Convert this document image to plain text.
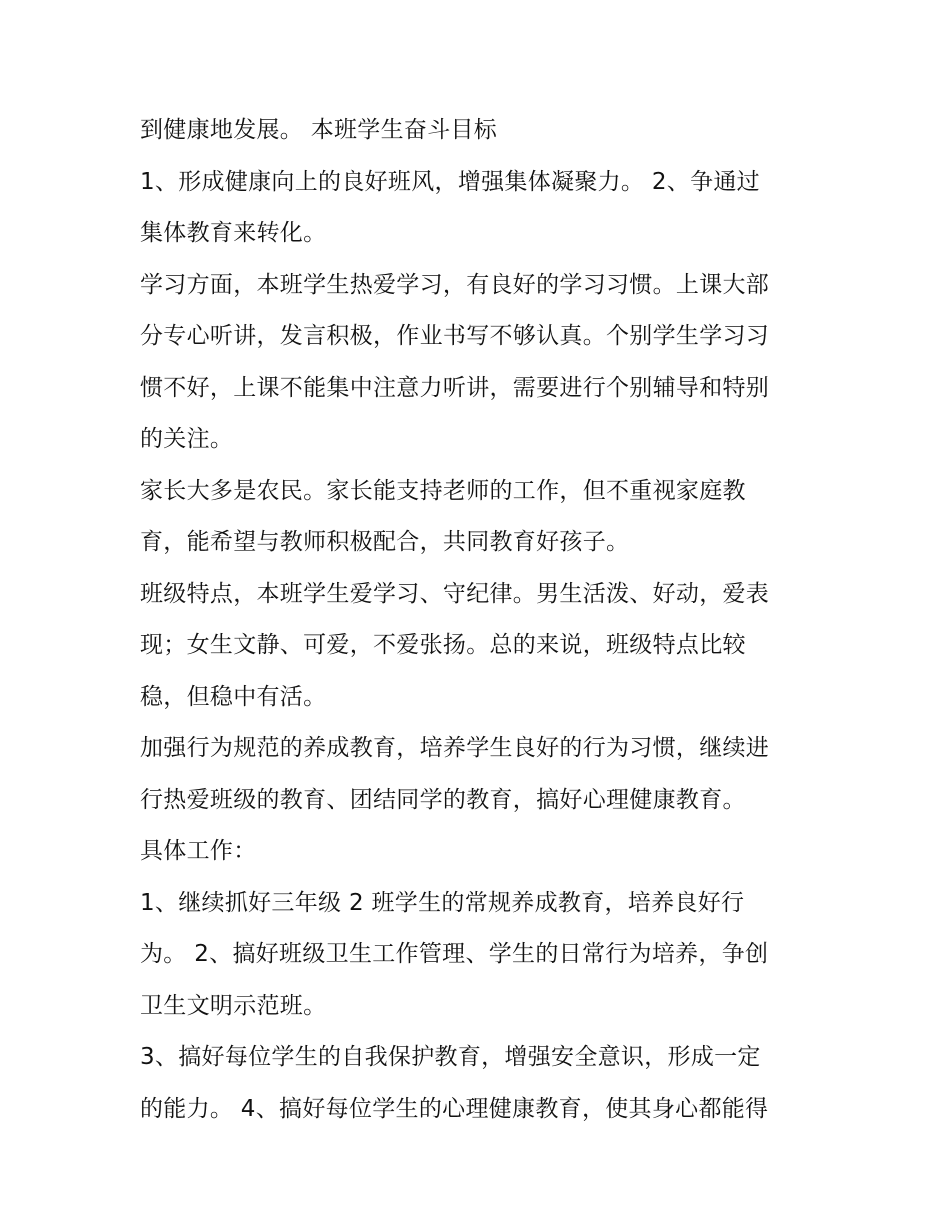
到健康地发展。 本班学生奋斗目标
1、形成健康向上的良好班风，增强集体凝聚力。 2、争通过
集体教育来转化。
学习方面，本班学生热爱学习，有良好的学习习惯。上课大部
分专心听讲，发言积极，作业书写不够认真。个别学生学习习
惯不好，上课不能集中注意力听讲，需要进行个别辅导和特别
的关注。
家长大多是农民。家长能支持老师的工作，但不重视家庭教
育，能希望与教师积极配合，共同教育好孩子。
班级特点，本班学生爱学习、守纪律。男生活泼、好动，爱表
现；女生文静、可爱，不爱张扬。总的来说，班级特点比较
稳，但稳中有活。
加强行为规范的养成教育，培养学生良好的行为习惯，继续进
行热爱班级的教育、团结同学的教育，搞好心理健康教育。
具体工作：
1、继续抓好三年级 2 班学生的常规养成教育，培养良好行
为。 2、搞好班级卫生工作管理、学生的日常行为培养，争创
卫生文明示范班。
3、搞好每位学生的自我保护教育，增强安全意识，形成一定
的能力。 4、搞好每位学生的心理健康教育，使其身心都能得
